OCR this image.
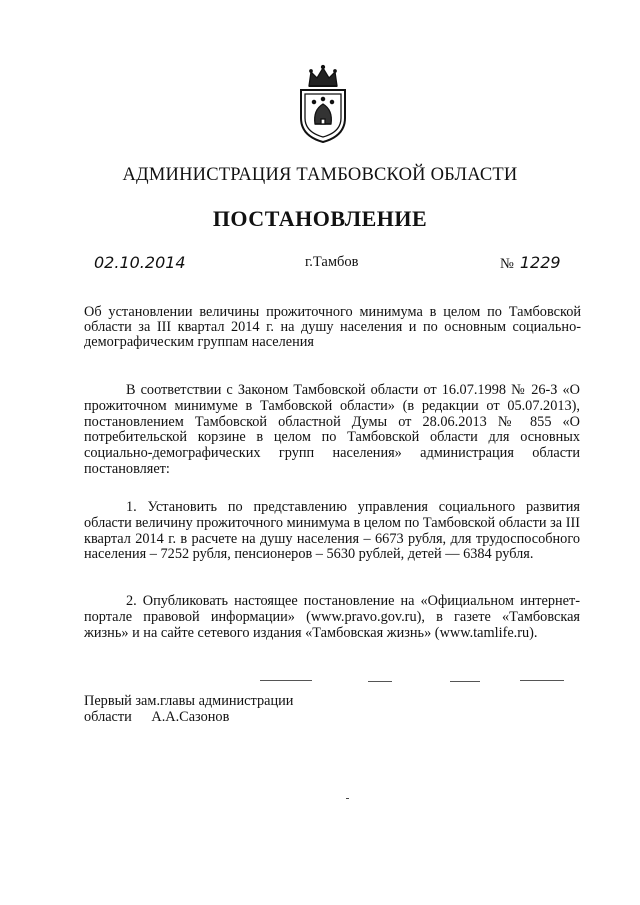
АДМИНИСТРАЦИЯ ТАМБОВСКОЙ ОБЛАСТИ
ПОСТАНОВЛЕНИЕ
02.10.2014	г.Тамбов	№ 1229
Об установлении величины прожиточного минимума в целом по Тамбовской области за III квартал 2014 г. на душу населения и по основным социально-демографическим группам населения
В соответствии с Законом Тамбовской области от 16.07.1998 № 26-З «О прожиточном минимуме в Тамбовской области» (в редакции от 05.07.2013), постановлением Тамбовской областной Думы от 28.06.2013 № 855 «О потребительской корзине в целом по Тамбовской области для основных социально-демографических групп населения» администрация области постановляет:
1. Установить по представлению управления социального развития области величину прожиточного минимума в целом по Тамбовской области за III квартал 2014 г. в расчете на душу населения – 6673 рубля, для трудоспособного населения – 7252 рубля, пенсионеров – 5630 рублей, детей — 6384 рубля.
2. Опубликовать настоящее постановление на «Официальном интернет-портале правовой информации» (www.pravo.gov.ru), в газете «Тамбовская жизнь» и на сайте сетевого издания «Тамбовская жизнь» (www.tamlife.ru).
Первый зам.главы администрации
области А.А.Сазонов
